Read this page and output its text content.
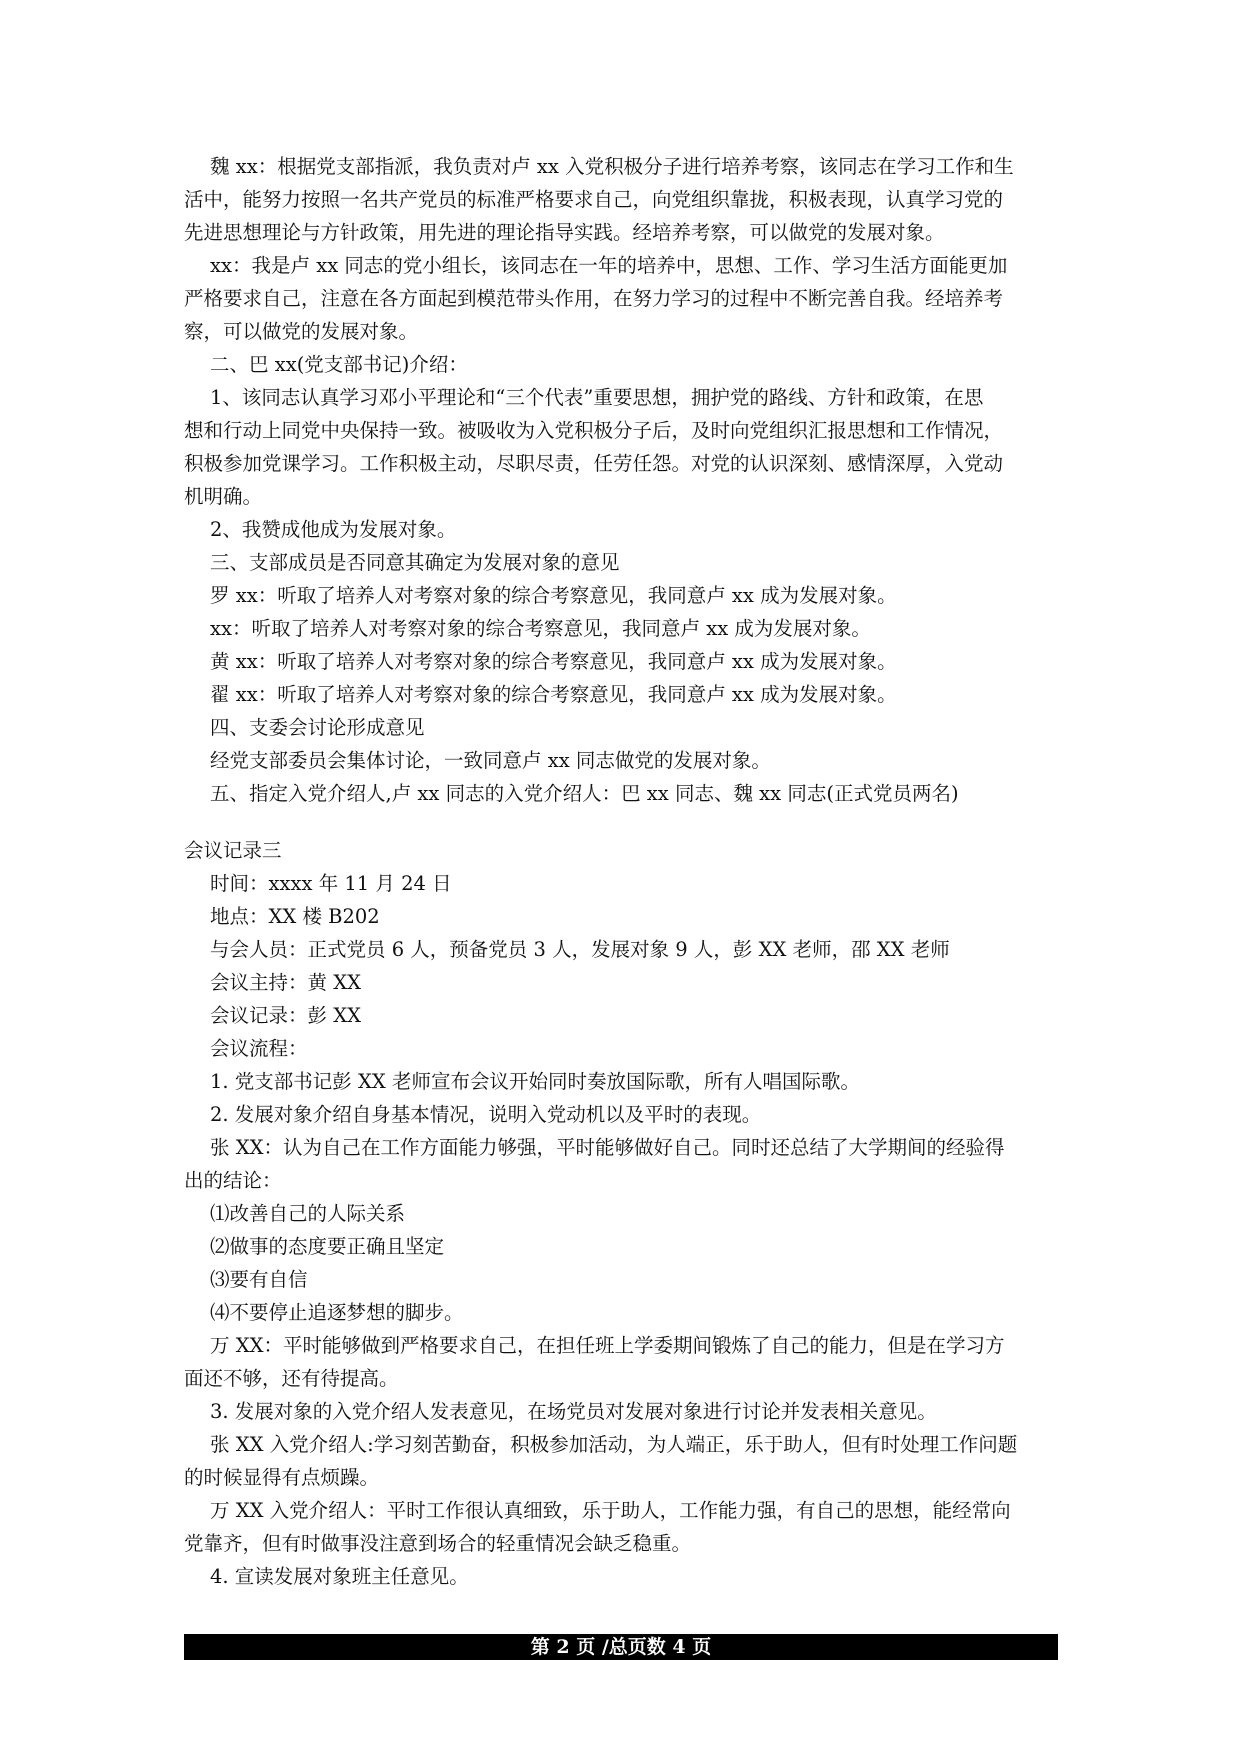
魏 xx：根据党支部指派，我负责对卢 xx 入党积极分子进行培养考察，该同志在学习工作和生
活中，能努力按照一名共产党员的标准严格要求自己，向党组织靠拢，积极表现，认真学习党的
先进思想理论与方针政策，用先进的理论指导实践。经培养考察，可以做党的发展对象。
xx：我是卢 xx 同志的党小组长，该同志在一年的培养中，思想、工作、学习生活方面能更加
严格要求自己，注意在各方面起到模范带头作用，在努力学习的过程中不断完善自我。经培养考
察，可以做党的发展对象。
二、巴 xx(党支部书记)介绍：
1、该同志认真学习邓小平理论和“三个代表”重要思想，拥护党的路线、方针和政策，在思
想和行动上同党中央保持一致。被吸收为入党积极分子后，及时向党组织汇报思想和工作情况，
积极参加党课学习。工作积极主动，尽职尽责，任劳任怨。对党的认识深刻、感情深厚，入党动
机明确。
2、我赞成他成为发展对象。
三、支部成员是否同意其确定为发展对象的意见
罗 xx：听取了培养人对考察对象的综合考察意见，我同意卢 xx 成为发展对象。
xx：听取了培养人对考察对象的综合考察意见，我同意卢 xx 成为发展对象。
黄 xx：听取了培养人对考察对象的综合考察意见，我同意卢 xx 成为发展对象。
翟 xx：听取了培养人对考察对象的综合考察意见，我同意卢 xx 成为发展对象。
四、支委会讨论形成意见
经党支部委员会集体讨论，一致同意卢 xx 同志做党的发展对象。
五、指定入党介绍人,卢 xx 同志的入党介绍人：巴 xx 同志、魏 xx 同志(正式党员两名)
会议记录三
时间：xxxx 年 11 月 24 日
地点：XX 楼 B202
与会人员：正式党员 6 人，预备党员 3 人，发展对象 9 人，彭 XX 老师，邵 XX 老师
会议主持：黄 XX
会议记录：彭 XX
会议流程：
1. 党支部书记彭 XX 老师宣布会议开始同时奏放国际歌，所有人唱国际歌。
2. 发展对象介绍自身基本情况，说明入党动机以及平时的表现。
张 XX：认为自己在工作方面能力够强，平时能够做好自己。同时还总结了大学期间的经验得
出的结论：
⑴改善自己的人际关系
⑵做事的态度要正确且坚定
⑶要有自信
⑷不要停止追逐梦想的脚步。
万 XX：平时能够做到严格要求自己，在担任班上学委期间锻炼了自己的能力，但是在学习方
面还不够，还有待提高。
3. 发展对象的入党介绍人发表意见，在场党员对发展对象进行讨论并发表相关意见。
张 XX 入党介绍人:学习刻苦勤奋，积极参加活动，为人端正，乐于助人，但有时处理工作问题
的时候显得有点烦躁。
万 XX 入党介绍人：平时工作很认真细致，乐于助人，工作能力强，有自己的思想，能经常向
党靠齐，但有时做事没注意到场合的轻重情况会缺乏稳重。
4. 宣读发展对象班主任意见。
第 2 页 /总页数 4 页
